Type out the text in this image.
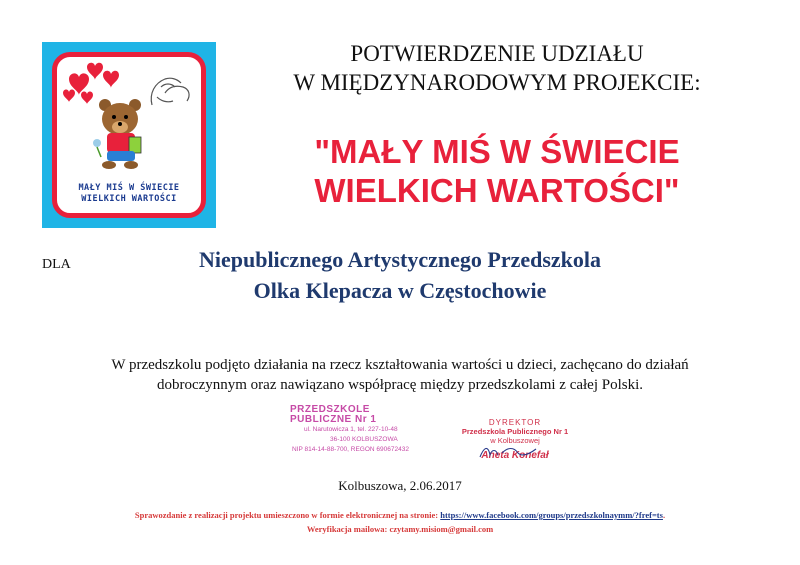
MAŁY MIŚ W ŚWIECIE
WIELKICH WARTOŚCI
POTWIERDZENIE UDZIAŁU
W MIĘDZYNARODOWYM PROJEKCIE:
"MAŁY MIŚ W ŚWIECIE
WIELKICH WARTOŚCI"
DLA	Niepublicznego Artystycznego Przedszkola
Olka Klepacza w Częstochowie
W przedszkolu podjęto działania na rzecz kształtowania wartości u dzieci, zachęcano do działań
dobroczynnym oraz nawiązano współpracę między przedszkolami z całej Polski.
PRZEDSZKOLE PUBLICZNE Nr 1
ul. Narutowicza 1, tel. 227-10-48
36-100 KOLBUSZOWA
NIP 814-14-88-700, REGON 690672432
DYREKTOR
Przedszkola Publicznego Nr 1
w Kolbuszowej
Aneta Konefał
Kolbuszowa, 2.06.2017
Sprawozdanie z realizacji projektu umieszczono w formie elektronicznej na stronie: https://www.facebook.com/groups/przedszkolnaymm/?fref=ts.
Weryfikacja mailowa: czytamy.misiom@gmail.com
